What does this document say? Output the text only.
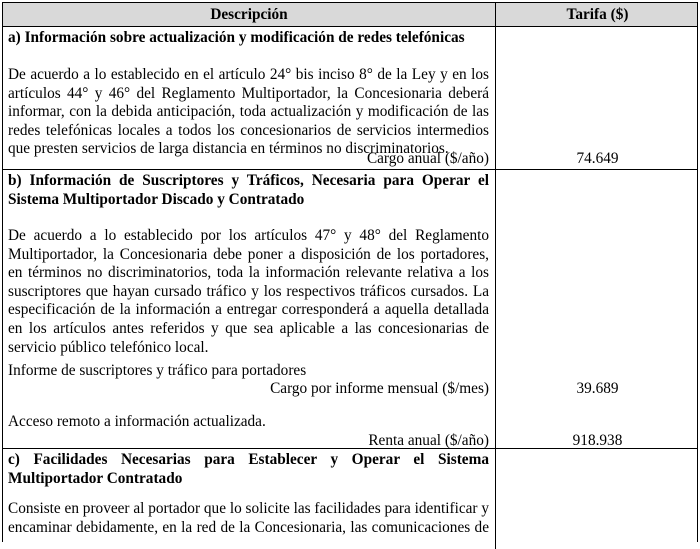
Descripción	Tarifa ($)
a) Información sobre actualización y modificación de redes telefónicas
De acuerdo a lo establecido en el artículo 24° bis inciso 8° de la Ley y en los artículos 44° y 46° del Reglamento Multiportador, la Concesionaria deberá informar, con la debida anticipación, toda actualización y modificación de las redes telefónicas locales a todos los concesionarios de servicios intermedios que presten servicios de larga distancia en términos no discriminatorios.
Cargo anual ($/año)	74.649
b) Información de Suscriptores y Tráficos, Necesaria para Operar el Sistema Multiportador Discado y Contratado
De acuerdo a lo establecido por los artículos 47° y 48° del Reglamento Multiportador, la Concesionaria debe poner a disposición de los portadores, en términos no discriminatorios, toda la información relevante relativa a los suscriptores que hayan cursado tráfico y los respectivos tráficos cursados. La especificación de la información a entregar corresponderá a aquella detallada en los artículos antes referidos y que sea aplicable a las concesionarias de servicio público telefónico local.
Informe de suscriptores y tráfico para portadores
Cargo por informe mensual ($/mes)	39.689
Acceso remoto a información actualizada.
Renta anual ($/año)	918.938
c) Facilidades Necesarias para Establecer y Operar el Sistema Multiportador Contratado
Consiste en proveer al portador que lo solicite las facilidades para identificar y encaminar debidamente, en la red de la Concesionaria, las comunicaciones de
